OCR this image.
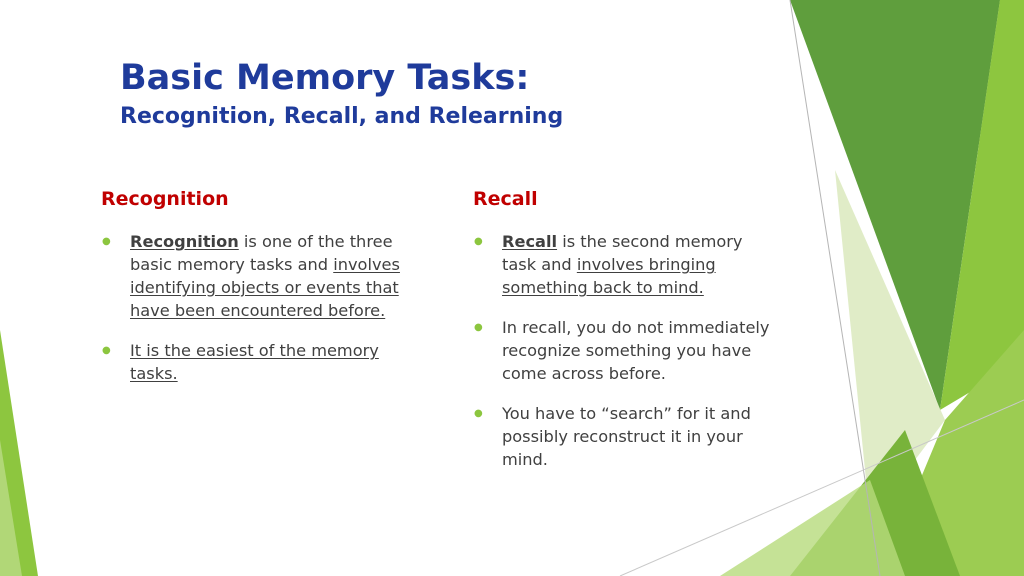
Basic Memory Tasks:
Recognition, Recall, and Relearning
Recognition
● Recognition is one of the three basic memory tasks and involves identifying objects or events that have been encountered before.
● It is the easiest of the memory tasks.
Recall
● Recall is the second memory task and involves bringing something back to mind.
● In recall, you do not immediately recognize something you have come across before.
● You have to “search” for it and possibly reconstruct it in your mind.
